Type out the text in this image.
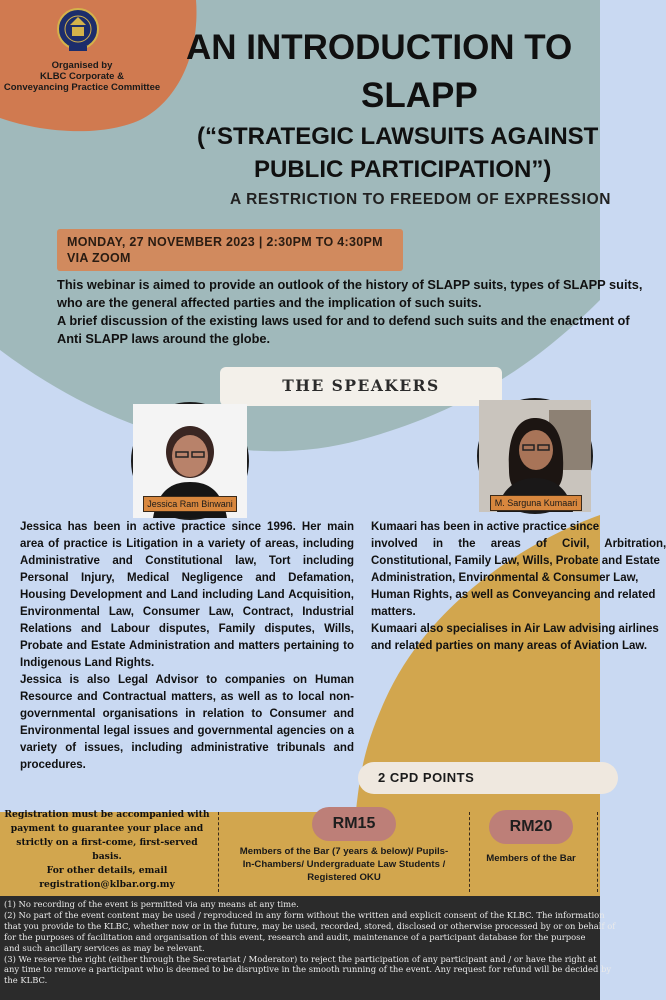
Organised by
KLBC Corporate &
Conveyancing Practice Committee
AN INTRODUCTION TO
SLAPP
(“STRATEGIC LAWSUITS AGAINST
PUBLIC PARTICIPATION”)
A RESTRICTION TO FREEDOM OF EXPRESSION
MONDAY, 27 NOVEMBER 2023 | 2:30PM TO 4:30PM
VIA ZOOM
This webinar is aimed to provide an outlook of the history of SLAPP suits, types of SLAPP suits,
who are the general affected parties and the implication of such suits.
A brief discussion of the existing laws used for and to defend such suits and the enactment of
Anti SLAPP laws around the globe.
THE SPEAKERS
Jessica Ram Binwani	M. Sarguna Kumaari
Jessica has been in active practice since 1996. Her main area of practice is Litigation in a variety of areas, including Administrative and Constitutional law, Tort including Personal Injury, Medical Negligence and Defamation, Housing Development and Land including Land Acquisition, Environmental Law, Consumer Law, Contract, Industrial Relations and Labour disputes, Family disputes, Wills, Probate and Estate Administration and matters pertaining to Indigenous Land Rights.
Jessica is also Legal Advisor to companies on Human Resource and Contractual matters, as well as to local non-governmental organisations in relation to Consumer and Environmental legal issues and governmental agencies on a variety of issues, including administrative tribunals and procedures.
Kumaari has been in active practice since
involved in the areas of Civil, Arbitration,
Constitutional, Family Law, Wills, Probate and Estate
Administration, Environmental & Consumer Law,
Human Rights, as well as Conveyancing and related
matters.
Kumaari also specialises in Air Law advising airlines
and related parties on many areas of Aviation Law.
2 CPD POINTS
Registration must be accompanied with
payment to guarantee your place and
strictly on a first-come, first-served basis.
For other details, email
registration@klbar.org.my
RM15
Members of the Bar (7 years & below)/ Pupils-
In-Chambers/ Undergraduate Law Students /
Registered OKU
RM20
Members of the Bar
(1) No recording of the event is permitted via any means at any time.
(2) No part of the event content may be used / reproduced in any form without the written and explicit consent of the KLBC. The information
that you provide to the KLBC, whether now or in the future, may be used, recorded, stored, disclosed or otherwise processed by or on behalf of
for the purposes of facilitation and organisation of this event, research and audit, maintenance of a participant database for the purpose
and such ancillary services as may be relevant.
(3) We reserve the right (either through the Secretariat / Moderator) to reject the participation of any participant and / or have the right at
any time to remove a participant who is deemed to be disruptive in the smooth running of the event. Any request for refund will be decided by
the KLBC.
